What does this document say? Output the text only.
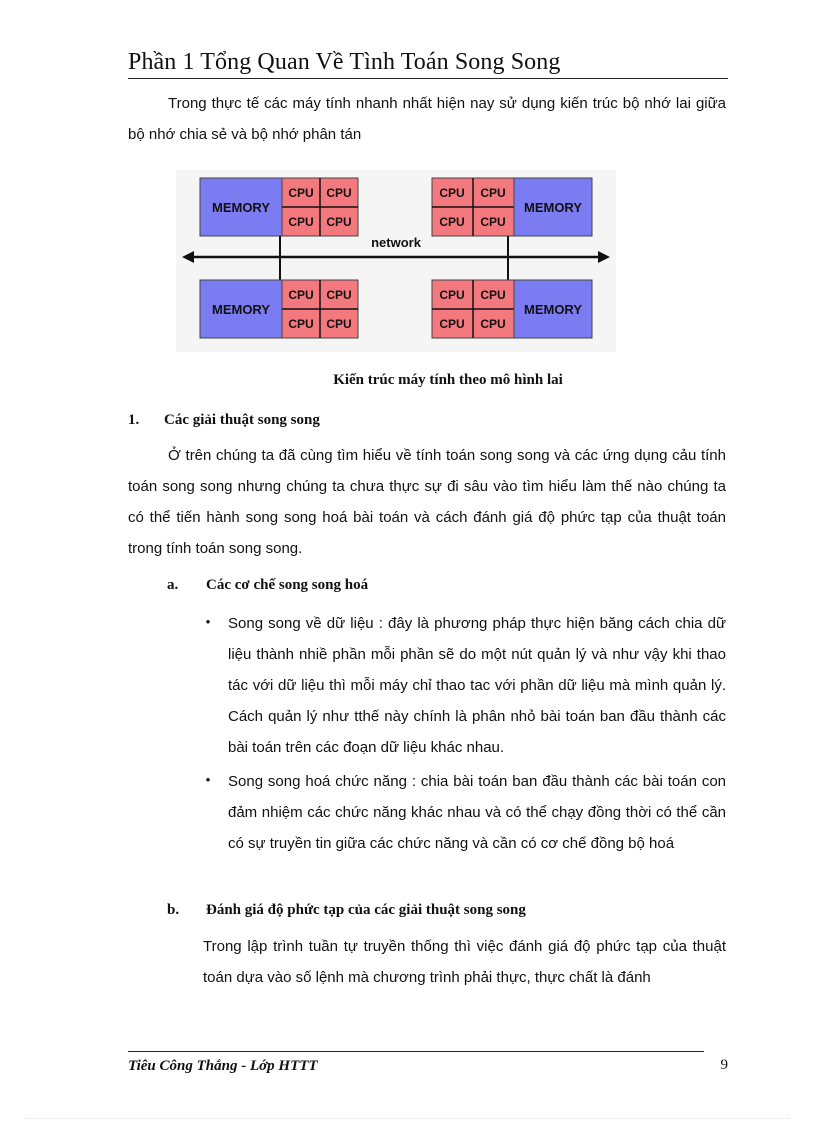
Phần 1 Tổng Quan Về Tình Toán Song Song

Trong thực tế các máy tính nhanh nhất hiện nay sử dụng kiến trúc bộ nhớ lai giữa bộ nhớ chia sẻ và bộ nhớ phân tán

MEMORY
CPU CPU
CPU CPU
CPU CPU
CPU CPU
MEMORY
network
MEMORY
CPU CPU
CPU CPU
CPU CPU
CPU CPU
MEMORY
Kiến trúc máy tính theo mô hình lai
1. Các giải thuật song song

Ở trên chúng ta đã cùng tìm hiểu về tính toán song song và các ứng dụng cảu tính toán song song nhưng chúng ta chưa thực sự đi sâu vào tìm hiểu làm thế nào chúng ta có thể tiến hành song song hoá bài toán và cách đánh giá độ phức tạp của thuật toán trong tính toán song song.

a. Các cơ chế song song hoá
• Song song về dữ liệu : đây là phương pháp thực hiện băng cách chia dữ liệu thành nhiề phần mỗi phần sẽ do một nút quản lý và như vậy khi thao tác với dữ liệu thì mỗi máy chỉ thao tac với phần dữ liệu mà mình quản lý. Cách quản lý như tthế này chính là phân nhỏ bài toán ban đầu thành các bài toán trên các đoạn dữ liệu khác nhau.

• Song song hoá chức năng : chia bài toán ban đầu thành các bài toán con đảm nhiệm các chức năng khác nhau và có thể chạy đồng thời có thể cần có sự truyền tin giữa các chức năng và cần có cơ chế đồng bộ hoá

b. Đánh giá độ phức tạp của các giải thuật song song

Trong lập trình tuần tự truyền thống thì việc đánh giá độ phức tạp của thuật toán dựa vào số lệnh mà chương trình phải thực, thực chất là đánh

Tiêu Công Thắng - Lớp HTTT	9
